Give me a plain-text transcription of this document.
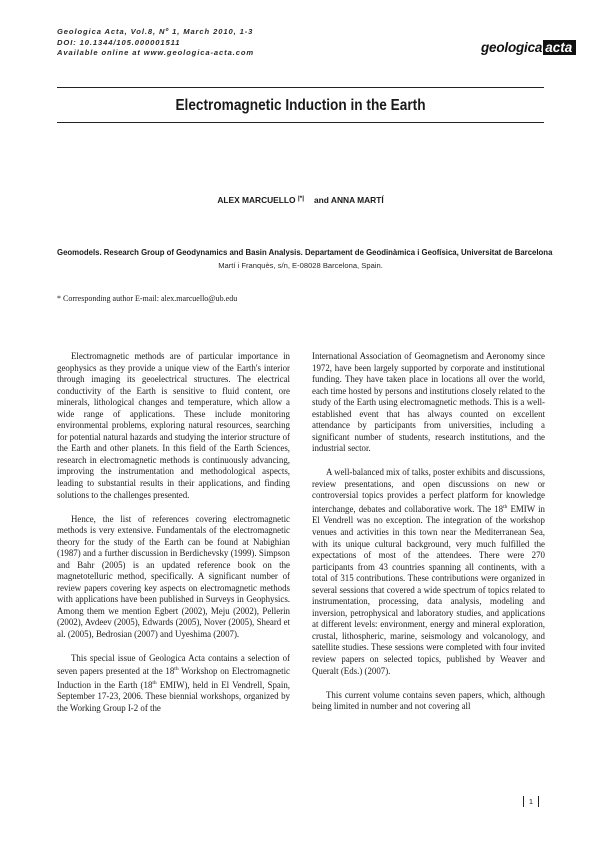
Geologica Acta, Vol.8, Nº 1, March 2010, 1-3
DOI: 10.1344/105.000001511
Available online at www.geologica-acta.com	geologica acta
Electromagnetic Induction in the Earth
ALEX MARCUELLO |*| and ANNA MARTÍ
Geomodels. Research Group of Geodynamics and Basin Analysis. Departament de Geodinàmica i Geofísica, Universitat de Barcelona
Martí i Franquès, s/n, E-08028 Barcelona, Spain.
* Corresponding author E-mail: alex.marcuello@ub.edu

Electromagnetic methods are of particular importance in geophysics as they provide a unique view of the Earth's interior through imaging its geoelectrical structures. The electrical conductivity of the Earth is sensitive to fluid content, ore minerals, lithological changes and temperature, which allow a wide range of applications. These include monitoring environmental problems, exploring natural resources, searching for potential natural hazards and studying the interior structure of the Earth and other planets. In this field of the Earth Sciences, research in electromagnetic methods is continuously advancing, improving the instrumentation and methodological aspects, leading to substantial results in their applications, and finding solutions to the challenges presented.

Hence, the list of references covering electromagnetic methods is very extensive. Fundamentals of the electromagnetic theory for the study of the Earth can be found at Nabighian (1987) and a further discussion in Berdichevsky (1999). Simpson and Bahr (2005) is an updated reference book on the magnetotelluric method, specifically. A significant number of review papers covering key aspects on electromagnetic methods with applications have been published in Surveys in Geophysics. Among them we mention Egbert (2002), Meju (2002), Pellerin (2002), Avdeev (2005), Edwards (2005), Nover (2005), Sheard et al. (2005), Bedrosian (2007) and Uyeshima (2007).

This special issue of Geologica Acta contains a selection of seven papers presented at the 18th Workshop on Electromagnetic Induction in the Earth (18th EMIW), held in El Vendrell, Spain, September 17-23, 2006. These biennial workshops, organized by the Working Group I-2 of the

International Association of Geomagnetism and Aeronomy since 1972, have been largely supported by corporate and institutional funding. They have taken place in locations all over the world, each time hosted by persons and institutions closely related to the study of the Earth using electromagnetic methods. This is a well-established event that has always counted on excellent attendance by participants from universities, including a significant number of students, research institutions, and the industrial sector.

A well-balanced mix of talks, poster exhibits and discussions, review presentations, and open discussions on new or controversial topics provides a perfect platform for knowledge interchange, debates and collaborative work. The 18th EMIW in El Vendrell was no exception. The integration of the workshop venues and activities in this town near the Mediterranean Sea, with its unique cultural background, very much fulfilled the expectations of most of the attendees. There were 270 participants from 43 countries spanning all continents, with a total of 315 contributions. These contributions were organized in several sessions that covered a wide spectrum of topics related to instrumentation, processing, data analysis, modeling and inversion, petrophysical and laboratory studies, and applications at different levels: environment, energy and mineral exploration, crustal, lithospheric, marine, seismology and volcanology, and satellite studies. These sessions were completed with four invited review papers on selected topics, published by Weaver and Queralt (Eds.) (2007).

This current volume contains seven papers, which, although being limited in number and not covering all

1
